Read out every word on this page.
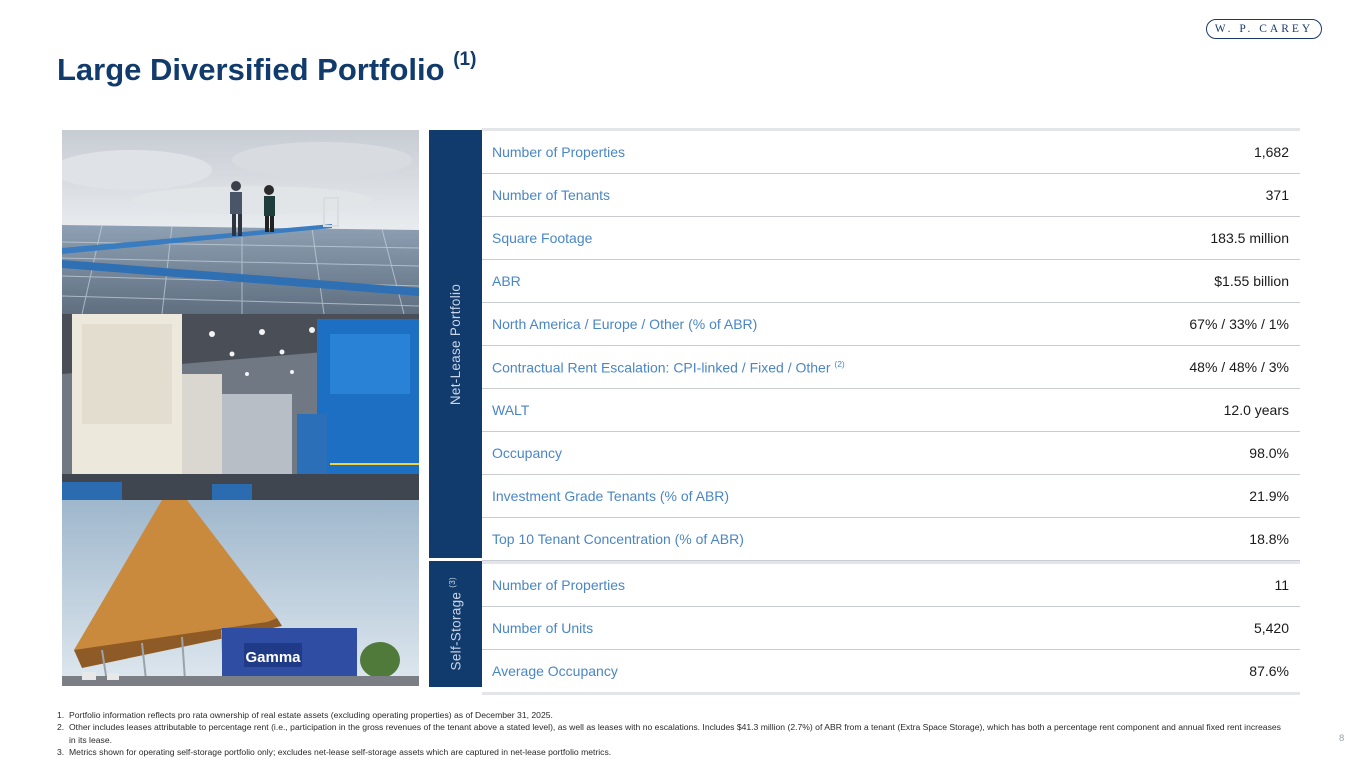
W. P. CAREY
Large Diversified Portfolio $^{(1)}$
Gamma
Net-Lease Portfolio
Self-Storage $^{(3)}$
Number of Properties	1,682
Number of Tenants	371
Square Footage	183.5 million
ABR	$1.55 billion
North America / Europe / Other (% of ABR)	67% / 33% / 1%
Contractual Rent Escalation: CPI-linked / Fixed / Other $^{(2)}$	48% / 48% / 3%
WALT	12.0 years
Occupancy	98.0%
Investment Grade Tenants (% of ABR)	21.9%
Top 10 Tenant Concentration (% of ABR)	18.8%
Number of Properties	11
Number of Units	5,420
Average Occupancy	87.6%
1. Portfolio information reflects pro rata ownership of real estate assets (excluding operating properties) as of December 31, 2025.
2. Other includes leases attributable to percentage rent (i.e., participation in the gross revenues of the tenant above a stated level), as well as leases with no escalations. Includes $41.3 million (2.7%) of ABR from a tenant (Extra Space Storage), which has both a percentage rent component and annual fixed rent increases in its lease.
3. Metrics shown for operating self-storage portfolio only; excludes net-lease self-storage assets which are captured in net-lease portfolio metrics.
8
